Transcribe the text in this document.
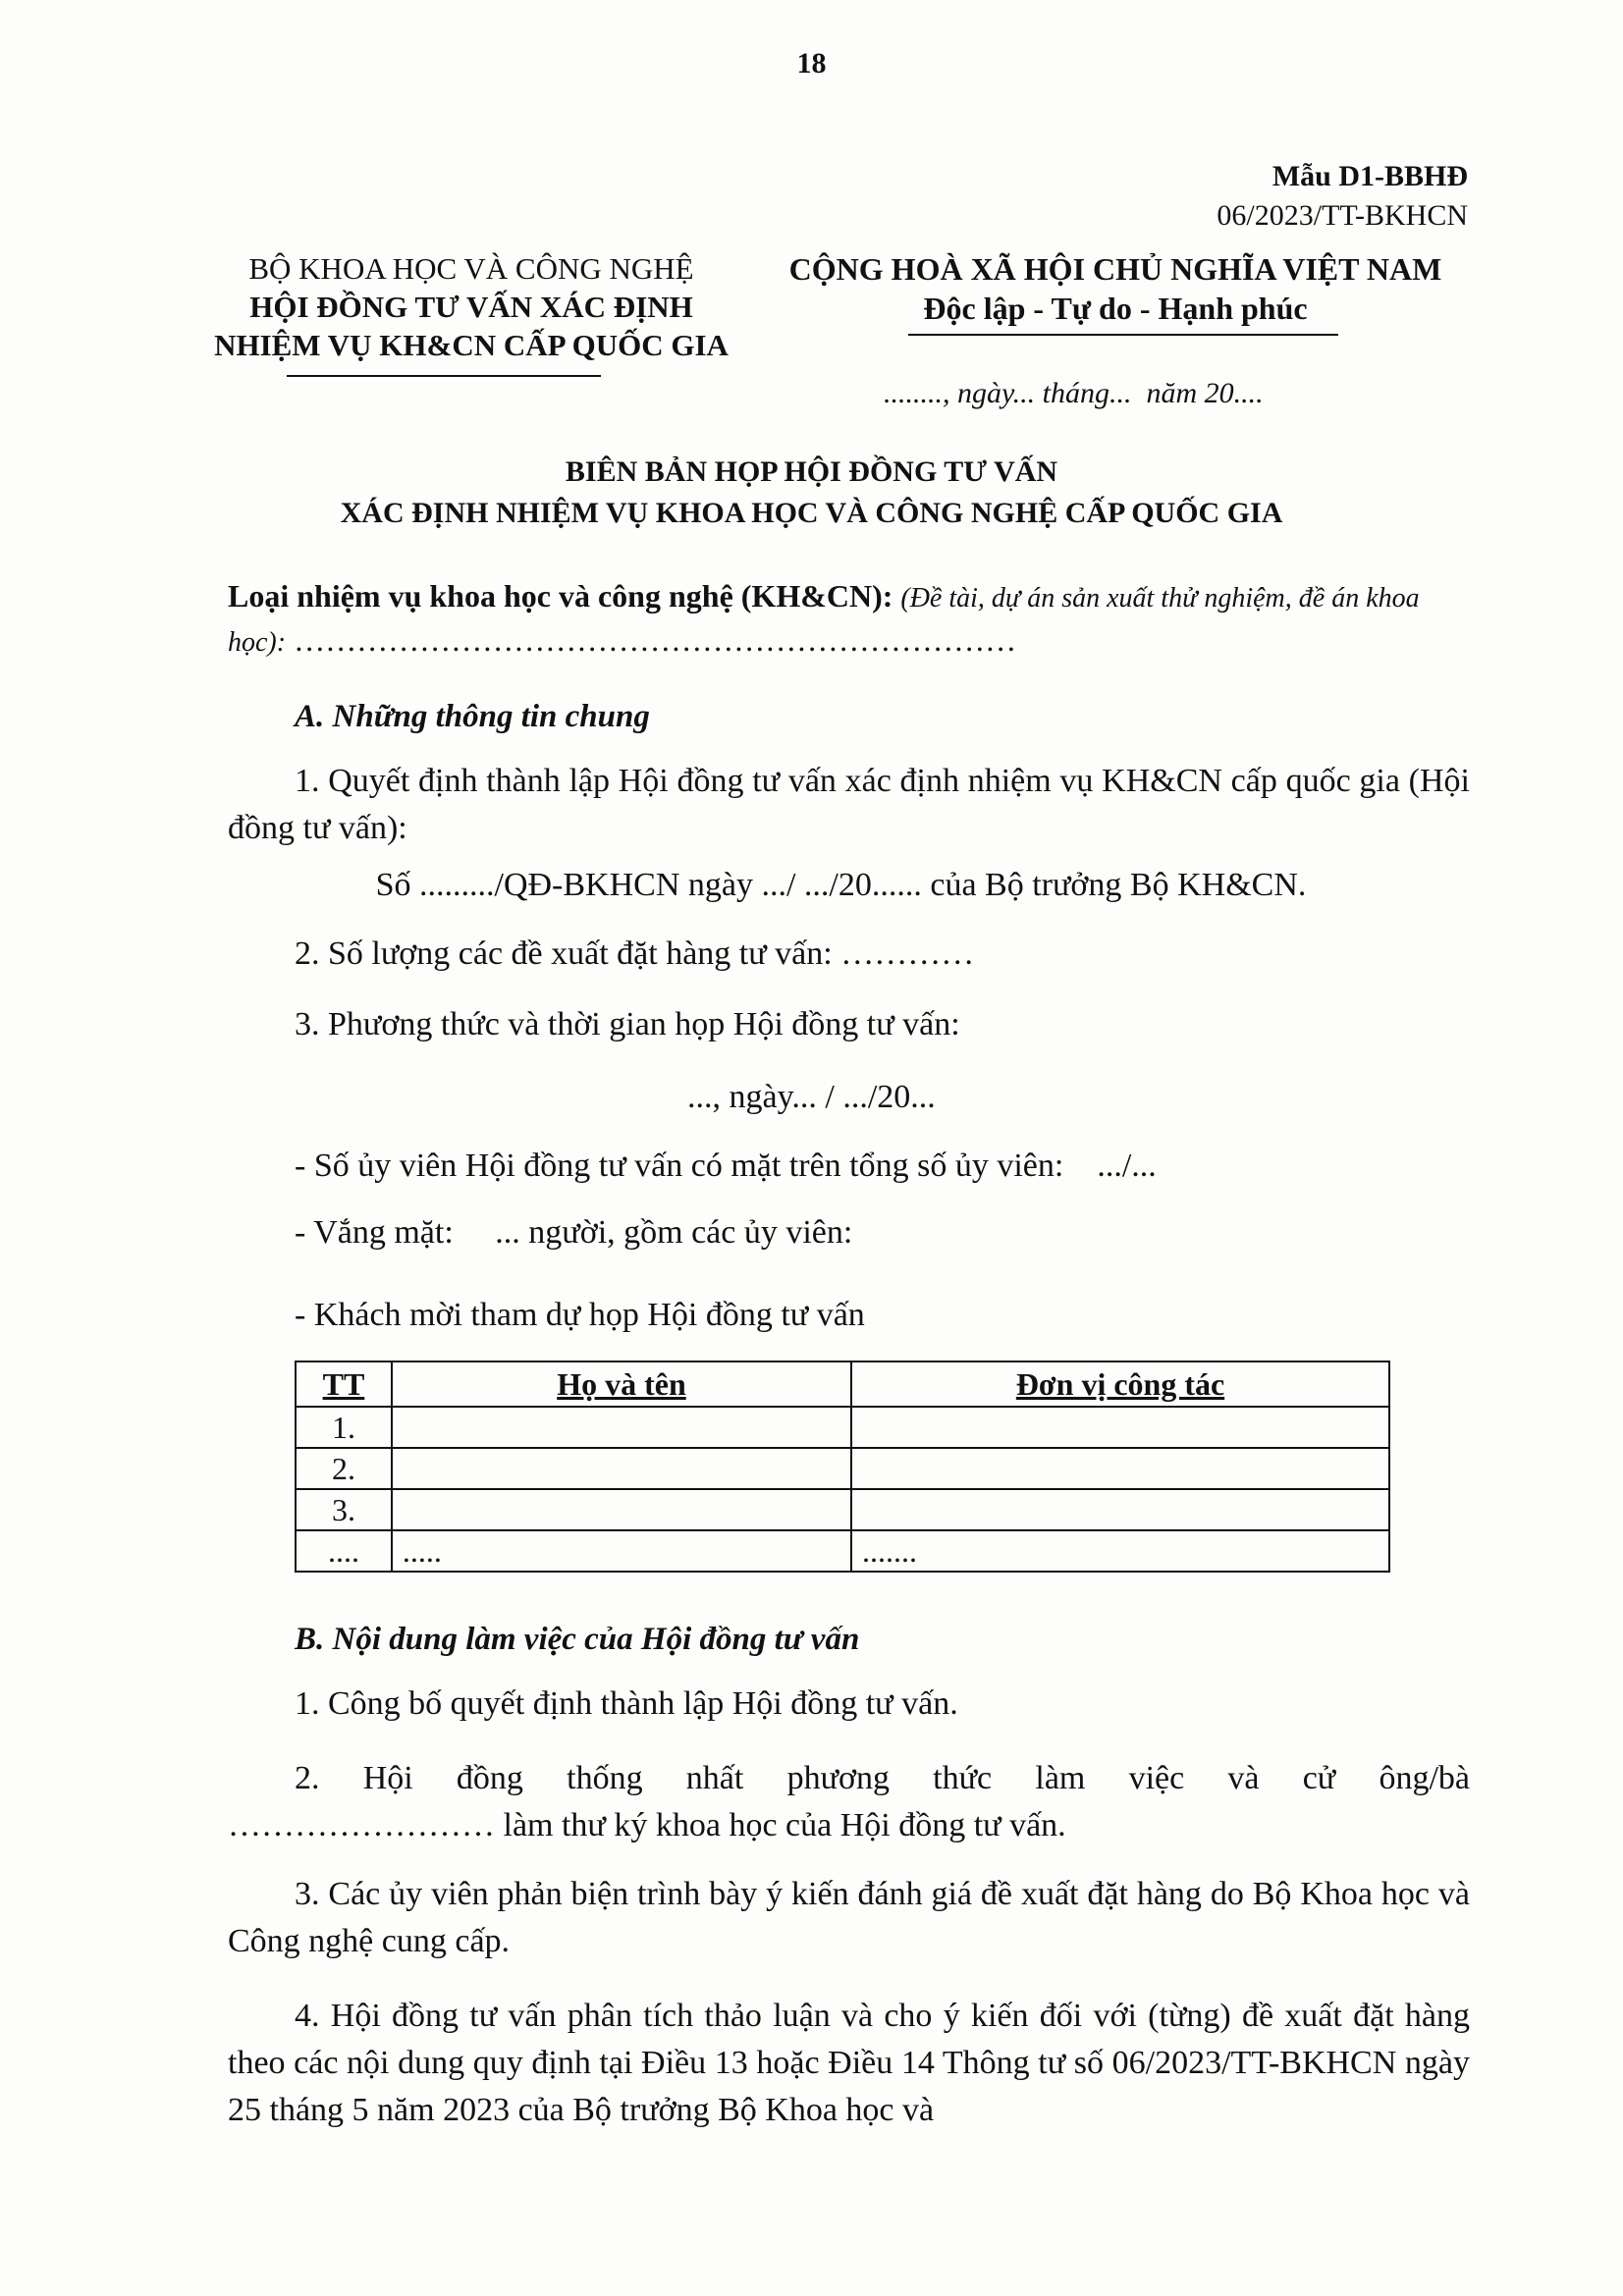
18
Mẫu D1-BBHĐ
06/2023/TT-BKHCN
BỘ KHOA HỌC VÀ CÔNG NGHỆ
HỘI ĐỒNG TƯ VẤN XÁC ĐỊNH
NHIỆM VỤ KH&CN CẤP QUỐC GIA
CỘNG HOÀ XÃ HỘI CHỦ NGHĨA VIỆT NAM
Độc lập - Tự do - Hạnh phúc
........, ngày... tháng...  năm 20....
BIÊN BẢN HỌP HỘI ĐỒNG TƯ VẤN
XÁC ĐỊNH NHIỆM VỤ KHOA HỌC VÀ CÔNG NGHỆ CẤP QUỐC GIA
Loại nhiệm vụ khoa học và công nghệ (KH&CN): (Đề tài, dự án sản xuất thử nghiệm, đề án khoa học): ……………………………………………………………
A. Những thông tin chung
1. Quyết định thành lập Hội đồng tư vấn xác định nhiệm vụ KH&CN cấp quốc gia (Hội đồng tư vấn):
Số ........./QĐ-BKHCN ngày .../ .../20...... của Bộ trưởng Bộ KH&CN.
2. Số lượng các đề xuất đặt hàng tư vấn: …………
3. Phương thức và thời gian họp Hội đồng tư vấn:
..., ngày... / .../20...
- Số ủy viên Hội đồng tư vấn có mặt trên tổng số ủy viên:    .../...
- Vắng mặt:     ... người, gồm các ủy viên:
- Khách mời tham dự họp Hội đồng tư vấn
TT	Họ và tên	Đơn vị công tác
1.		
2.		
3.		
....	.....	.......
B. Nội dung làm việc của Hội đồng tư vấn
1. Công bố quyết định thành lập Hội đồng tư vấn.
2. Hội đồng thống nhất phương thức làm việc và cử ông/bà
…………………… làm thư ký khoa học của Hội đồng tư vấn.
3. Các ủy viên phản biện trình bày ý kiến đánh giá đề xuất đặt hàng do Bộ Khoa học và Công nghệ cung cấp.
4. Hội đồng tư vấn phân tích thảo luận và cho ý kiến đối với (từng) đề xuất đặt hàng theo các nội dung quy định tại Điều 13 hoặc Điều 14 Thông tư số 06/2023/TT-BKHCN ngày 25 tháng 5 năm 2023 của Bộ trưởng Bộ Khoa học và
